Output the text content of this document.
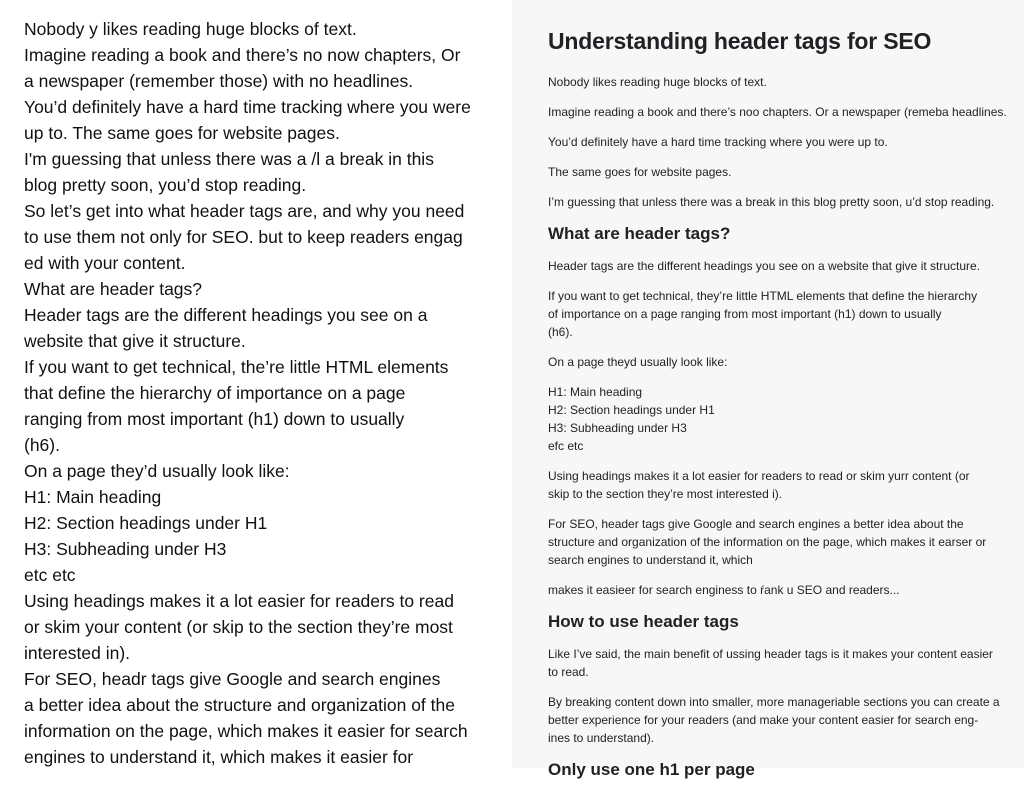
Nobody y likes reading huge blocks of text.
Imagine reading a book and there’s no now chapters, Or
a newspaper (remember those) with no headlines.
You’d definitely have a hard time tracking where you were
up to. The same goes for website pages.
I'm guessing that unless there was a /l a break in this
blog pretty soon, you’d stop reading.
So let’s get into what header tags are, and why you need
to use them not only for SEO. but to keep readers engag
ed with your content.
What are header tags?
Header tags are the different headings you see on a
website that give it structure.
If you want to get technical, the’re little HTML elements
that define the hierarchy of importance on a page
ranging from most important (h1) down to usually
(h6).
On a page they’d usually look like:
H1: Main heading
H2: Section headings under H1
H3: Subheading under H3
etc etc
Using headings makes it a lot easier for readers to read
or skim your content (or skip to the section they’re most
interested in).
For SEO, headr tags give Google and search engines
a better idea about the structure and organization of the
information on the page, which makes it easier for search
engines to understand it, which makes it easier for
Understanding header tags for SEO

Nobody likes reading huge blocks of text.

Imagine reading a book and there’s noo chapters. Or a newspaper (remeba headlines.

You’d definitely have a hard time tracking where you were up to.

The same goes for website pages.

I’m guessing that unless there was a break in this blog pretty soon, u’d stop reading.

What are header tags?

Header tags are the different headings you see on a website that give it structure.

If you want to get technical, they’re little HTML elements that define the hierarchy
of importance on a page ranging from most important (h1) down to usually
(h6).

On a page theyd usually look like:

H1: Main heading
H2: Section headings under H1
H3: Subheading under H3
efc etc

Using headings makes it a lot easier for readers to read or skim yurr content (or
skip to the section they’re most interested i).

For SEO, header tags give Google and search engines a better idea about the
structure and organization of the information on the page, which makes it earser or
search engines to understand it, which

makes it easieer for search enginess to ŕank u SEO and readers...

How to use header tags

Like I’ve said, the main benefit of ussing header tags is it makes your content easier
to read.

By breaking content down into smaller, more manageriable sections you can create a
better experience for your readers (and make your content easier for search eng-
ines to understand).

Only use one h1 per page
